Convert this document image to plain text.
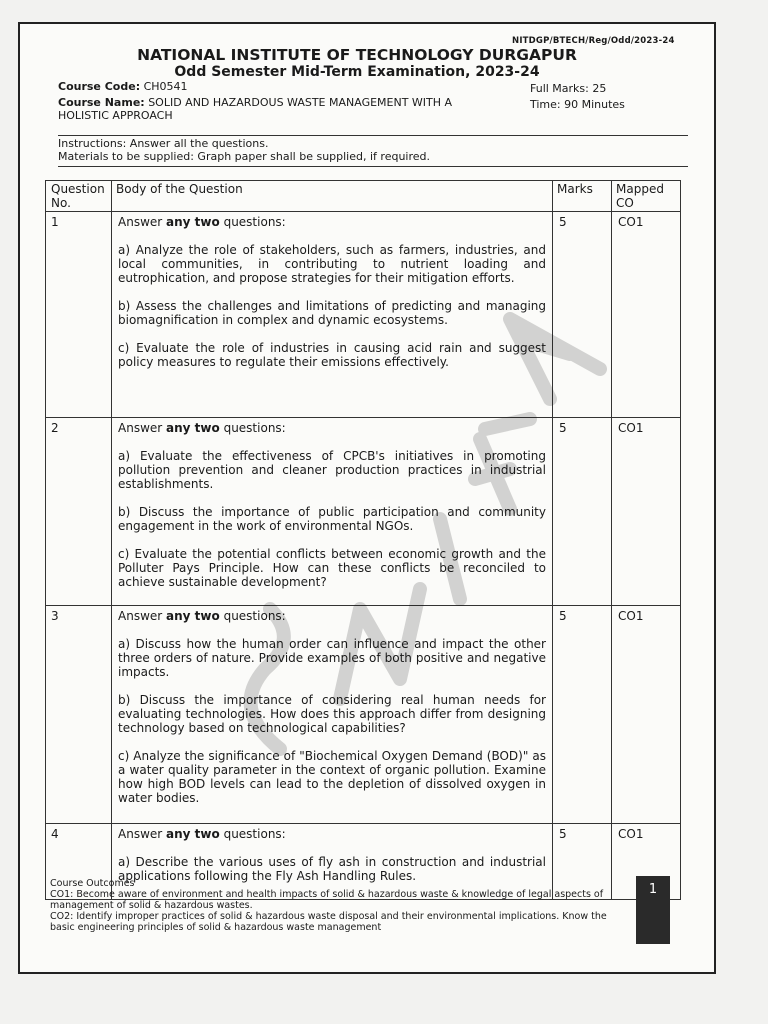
NITDGP/BTECH/Reg/Odd/2023-24
NATIONAL INSTITUTE OF TECHNOLOGY DURGAPUR
Odd Semester Mid-Term Examination, 2023-24
Course Code: CH0541	Full Marks: 25
Course Name: SOLID AND HAZARDOUS WASTE MANAGEMENT WITH A
HOLISTIC APPROACH
Time: 90 Minutes
Instructions: Answer all the questions.
Materials to be supplied: Graph paper shall be supplied, if required.
Question No.	Body of the Question	Marks	Mapped CO
1	Answer any two questions:

a) Analyze the role of stakeholders, such as farmers, industries, and local communities, in contributing to nutrient loading and eutrophication, and propose strategies for their mitigation efforts.

b) Assess the challenges and limitations of predicting and managing biomagnification in complex and dynamic ecosystems.

c) Evaluate the role of industries in causing acid rain and suggest policy measures to regulate their emissions effectively.	5	CO1
2	Answer any two questions:

a) Evaluate the effectiveness of CPCB's initiatives in promoting pollution prevention and cleaner production practices in industrial establishments.

b) Discuss the importance of public participation and community engagement in the work of environmental NGOs.

c) Evaluate the potential conflicts between economic growth and the Polluter Pays Principle. How can these conflicts be reconciled to achieve sustainable development?	5	CO1
3	Answer any two questions:

a) Discuss how the human order can influence and impact the other three orders of nature. Provide examples of both positive and negative impacts.

b) Discuss the importance of considering real human needs for evaluating technologies. How does this approach differ from designing technology based on technological capabilities?

c) Analyze the significance of "Biochemical Oxygen Demand (BOD)" as a water quality parameter in the context of organic pollution. Examine how high BOD levels can lead to the depletion of dissolved oxygen in water bodies.	5	CO1
4	Answer any two questions:

a) Describe the various uses of fly ash in construction and industrial applications following the Fly Ash Handling Rules.	5	CO1
Course Outcomes
CO1: Become aware of environment and health impacts of solid & hazardous waste & knowledge of legal aspects of management of solid & hazardous wastes.
CO2: Identify improper practices of solid & hazardous waste disposal and their environmental implications. Know the basic engineering principles of solid & hazardous waste management
1
